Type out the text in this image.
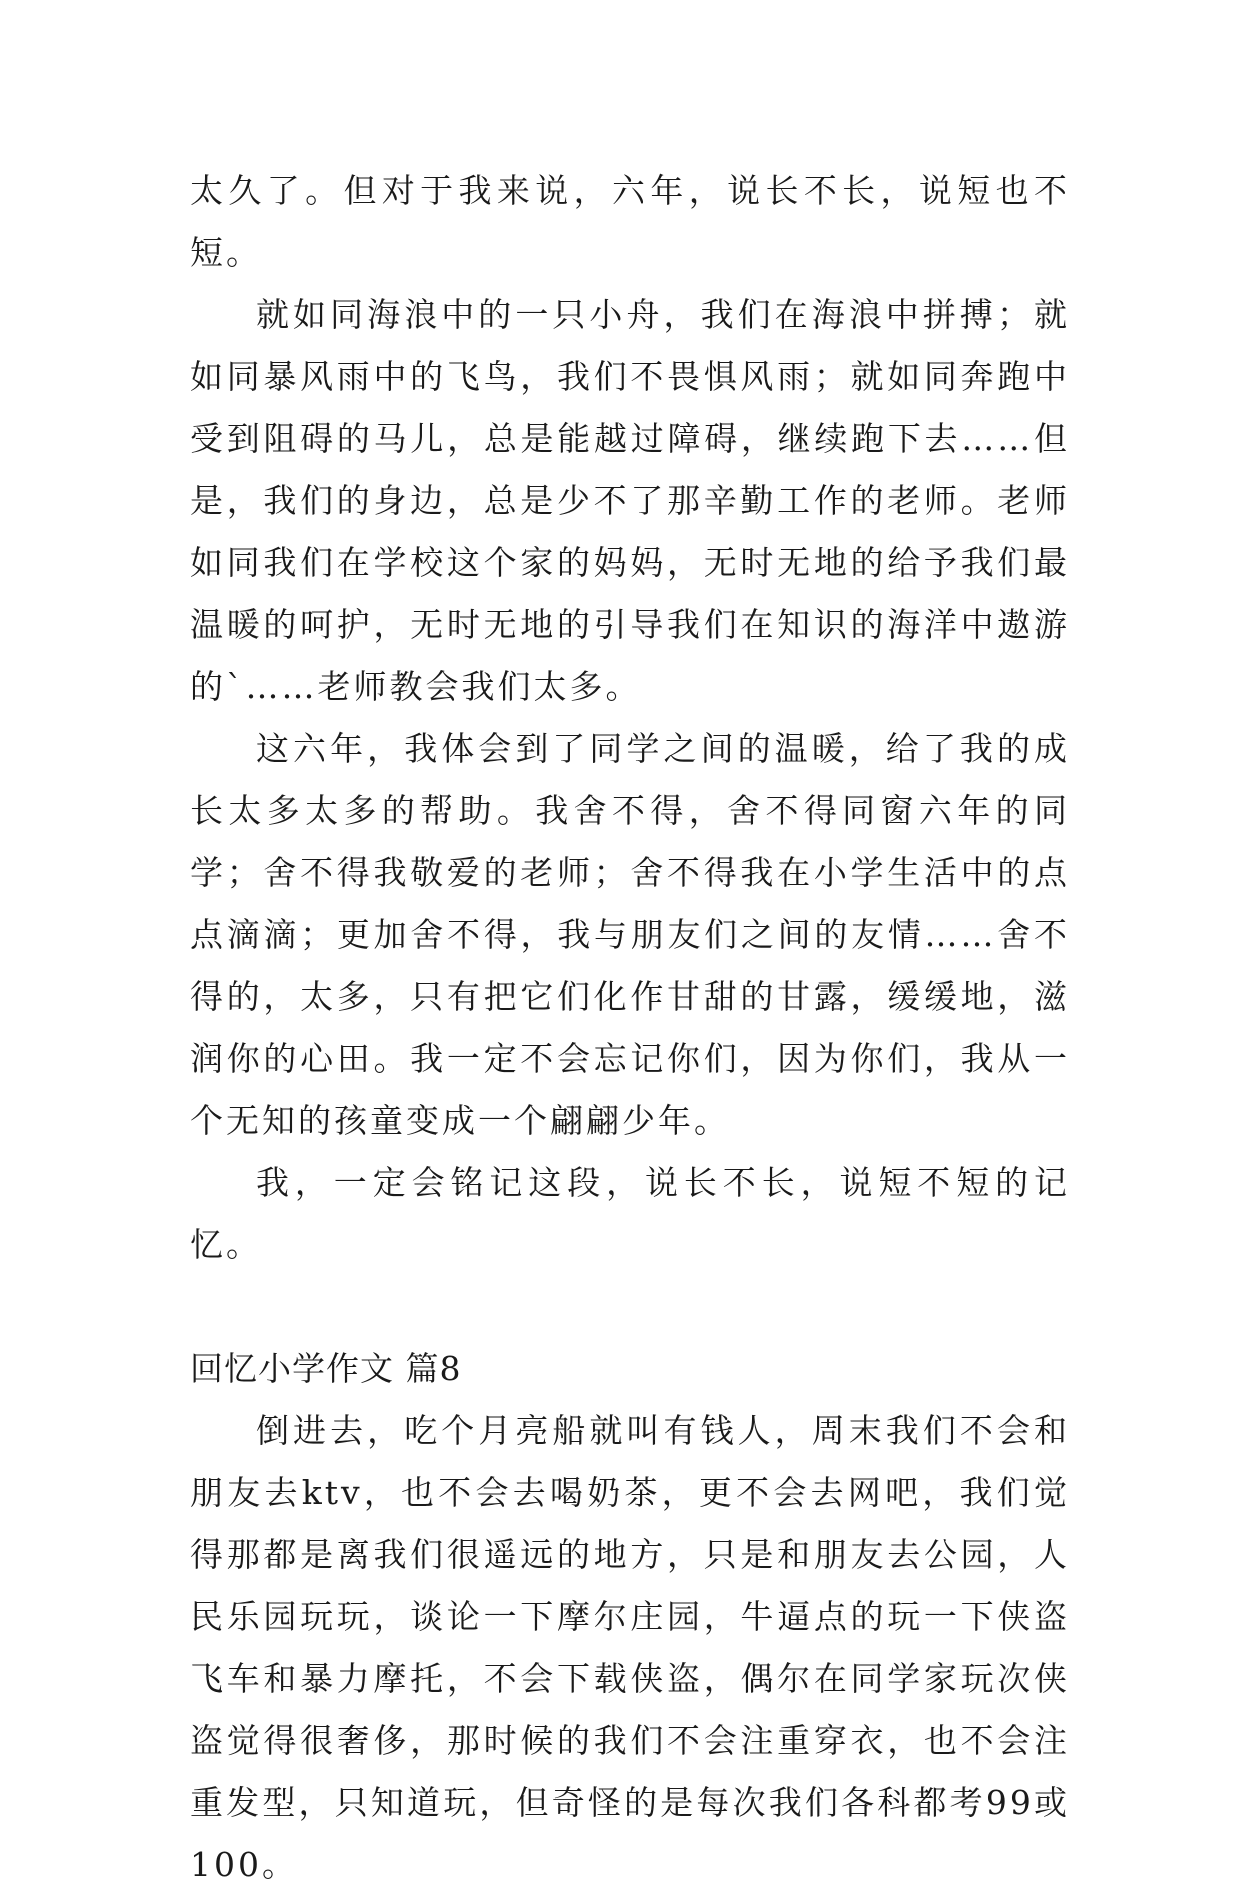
太久了。但对于我来说，六年，说长不长，说短也不短。

就如同海浪中的一只小舟，我们在海浪中拼搏；就如同暴风雨中的飞鸟，我们不畏惧风雨；就如同奔跑中受到阻碍的马儿，总是能越过障碍，继续跑下去……但是，我们的身边，总是少不了那辛勤工作的老师。老师如同我们在学校这个家的妈妈，无时无地的给予我们最温暖的呵护，无时无地的引导我们在知识的海洋中遨游的`……老师教会我们太多。

这六年，我体会到了同学之间的温暖，给了我的成长太多太多的帮助。我舍不得，舍不得同窗六年的同学；舍不得我敬爱的老师；舍不得我在小学生活中的点点滴滴；更加舍不得，我与朋友们之间的友情……舍不得的，太多，只有把它们化作甘甜的甘露，缓缓地，滋润你的心田。我一定不会忘记你们，因为你们，我从一个无知的孩童变成一个翩翩少年。

我，一定会铭记这段，说长不长，说短不短的记忆。

回忆小学作文 篇8

倒进去，吃个月亮船就叫有钱人，周末我们不会和朋友去ktv，也不会去喝奶茶，更不会去网吧，我们觉得那都是离我们很遥远的地方，只是和朋友去公园，人民乐园玩玩，谈论一下摩尔庄园，牛逼点的玩一下侠盗飞车和暴力摩托，不会下载侠盗，偶尔在同学家玩次侠盗觉得很奢侈，那时候的我们不会注重穿衣，也不会注重发型，只知道玩，但奇怪的是每次我们各科都考99或100。
